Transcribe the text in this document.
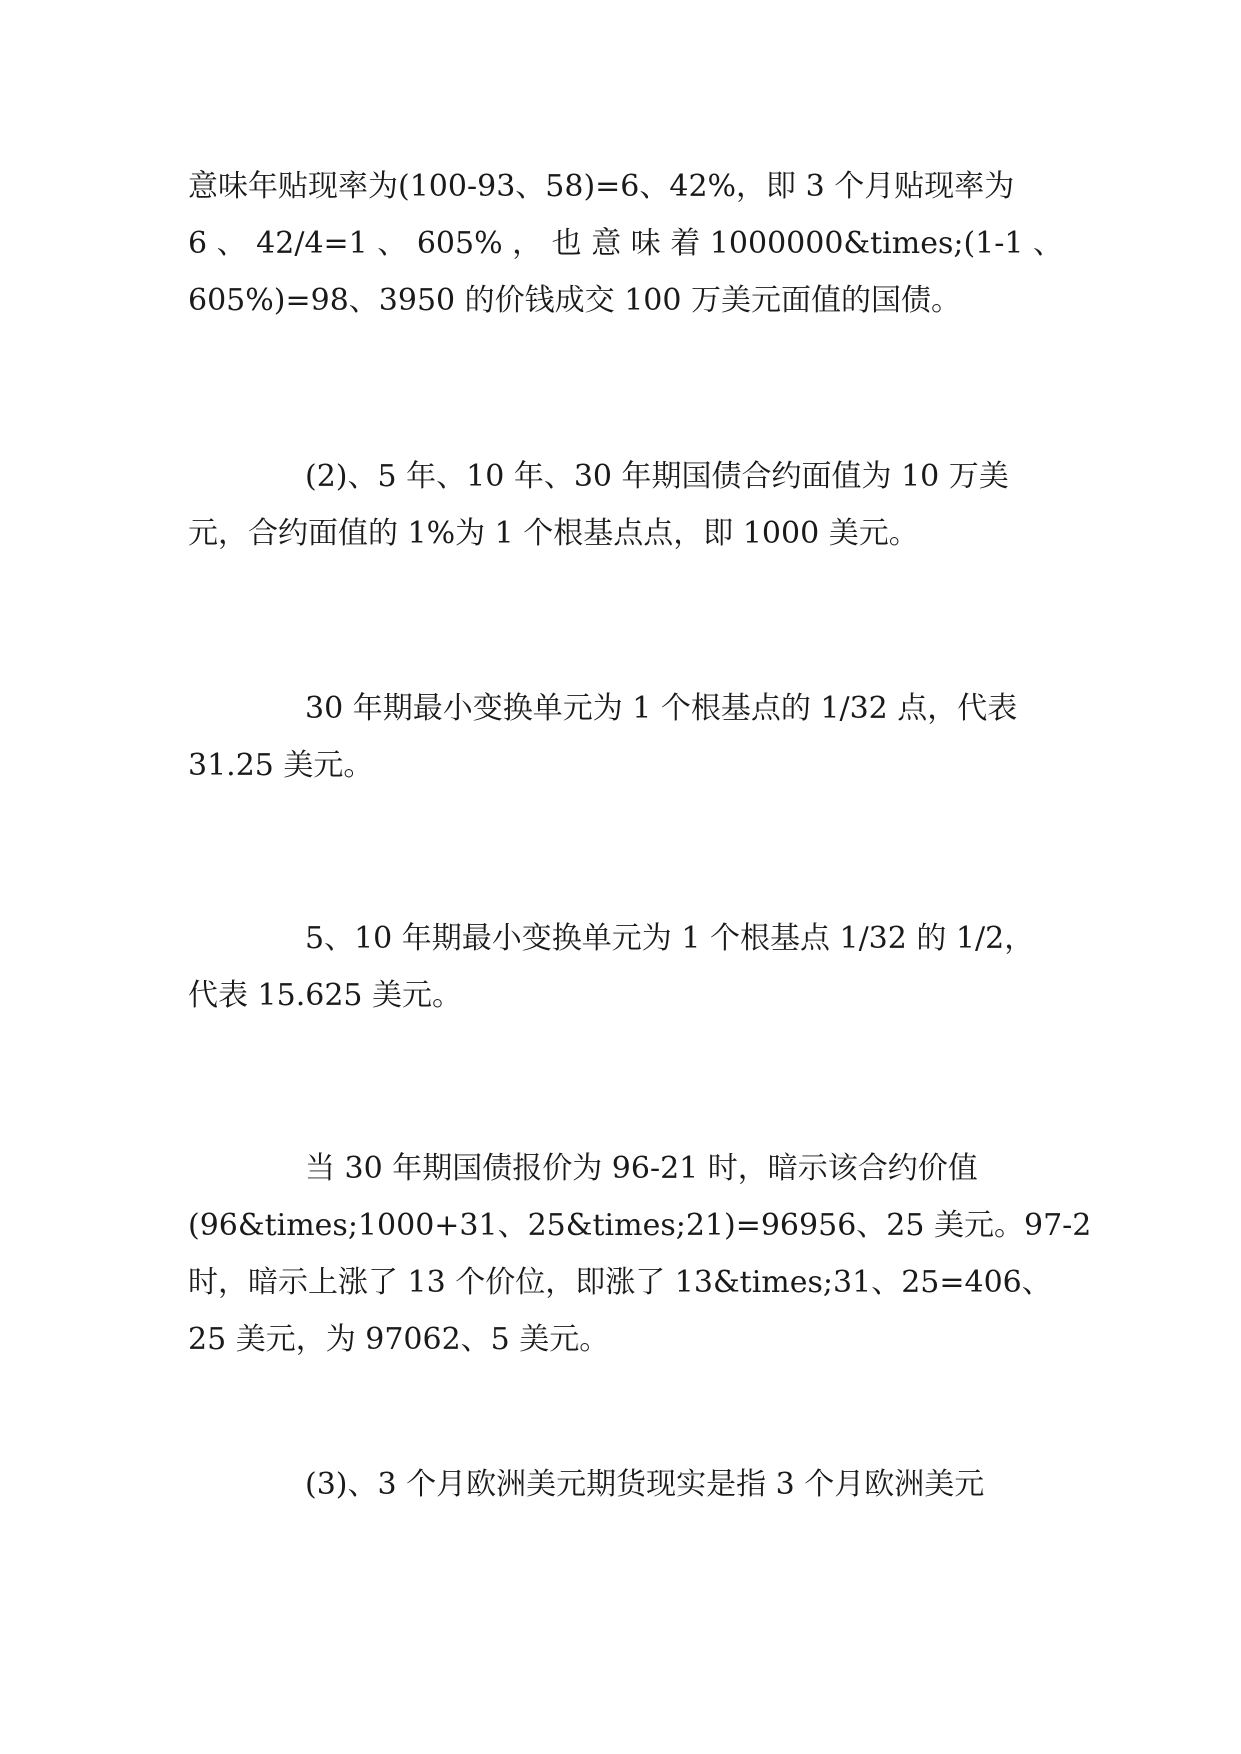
意味年贴现率为(100-93、58)=6、42%，即 3 个月贴现率为
6 、 42/4=1 、 605% ， 也 意 味 着 1000000&times;(1-1 、
605%)=98、3950 的价钱成交 100 万美元面值的国债。

(2)、5 年、10 年、30 年期国债合约面值为 10 万美
元，合约面值的 1%为 1 个根基点点，即 1000 美元。

30 年期最小变换单元为 1 个根基点的 1/32 点，代表
31.25 美元。

5、10 年期最小变换单元为 1 个根基点 1/32 的 1/2，
代表 15.625 美元。

当 30 年期国债报价为 96-21 时，暗示该合约价值
(96&times;1000+31、25&times;21)=96956、25 美元。97-2
时，暗示上涨了 13 个价位，即涨了 13&times;31、25=406、
25 美元，为 97062、5 美元。

(3)、3 个月欧洲美元期货现实是指 3 个月欧洲美元
